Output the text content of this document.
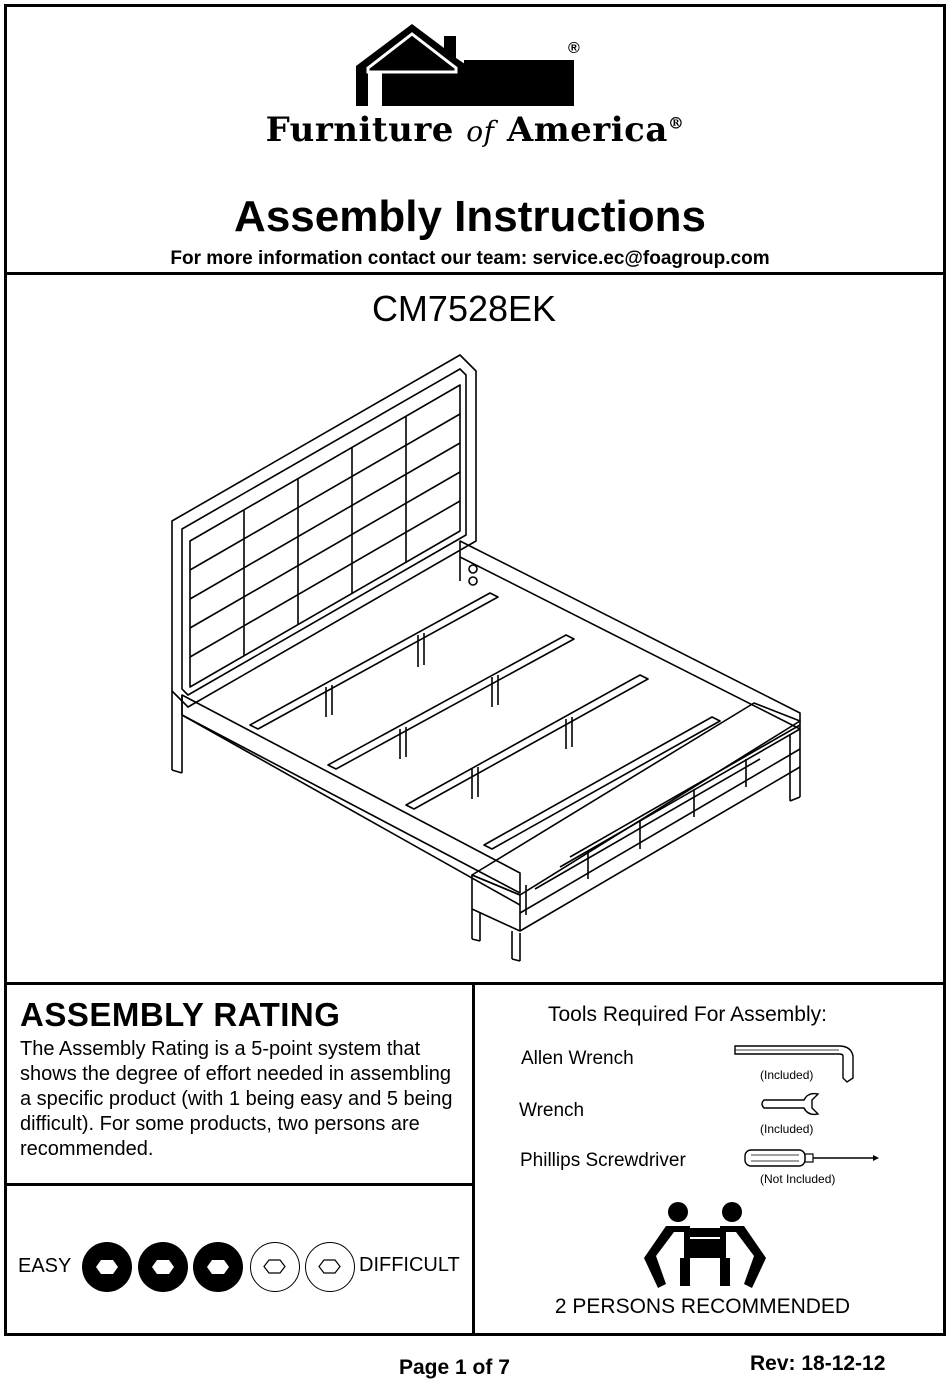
®
Furniture of America®
Assembly Instructions
For more information contact our team: service.ec@foagroup.com
CM7528EK
ASSEMBLY RATING
The Assembly Rating is a 5-point system that shows the degree of effort needed in assembling a specific product (with 1 being easy and 5 being difficult). For some products, two persons are recommended.
EASY	DIFFICULT
Tools Required For Assembly:
Allen Wrench
(Included)
Wrench
(Included)
Phillips Screwdriver
(Not Included)
2 PERSONS RECOMMENDED
Page 1 of 7	Rev: 18-12-12
